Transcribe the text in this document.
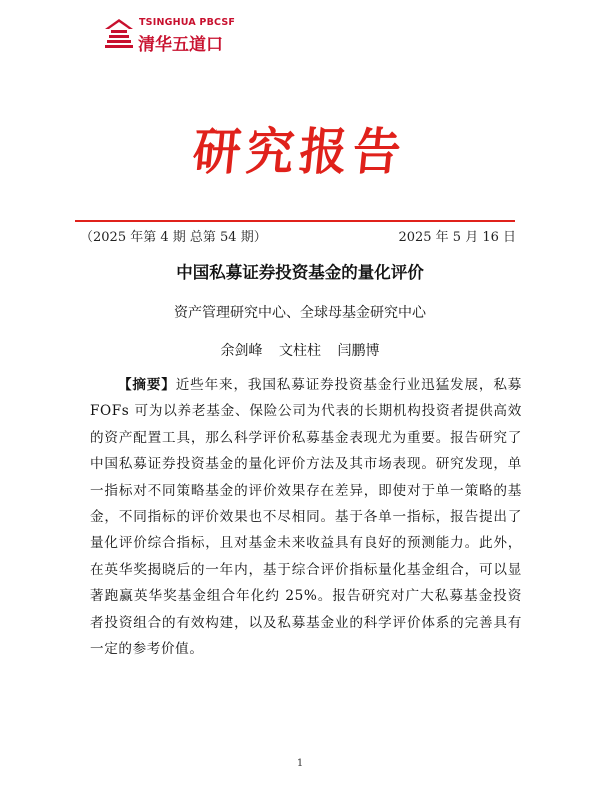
TSINGHUA PBCSF
清华五道口
研究报告
（2025 年第 4 期 总第 54 期）	2025 年 5 月 16 日
中国私募证券投资基金的量化评价
资产管理研究中心、全球母基金研究中心
余剑峰 文柱柱 闫鹏博

【摘要】近些年来，我国私募证券投资基金行业迅猛发展，私募 FOFs 可为以养老基金、保险公司为代表的长期机构投资者提供高效的资产配置工具，那么科学评价私募基金表现尤为重要。报告研究了中国私募证券投资基金的量化评价方法及其市场表现。研究发现，单一指标对不同策略基金的评价效果存在差异，即使对于单一策略的基金，不同指标的评价效果也不尽相同。基于各单一指标，报告提出了量化评价综合指标，且对基金未来收益具有良好的预测能力。此外，在英华奖揭晓后的一年内，基于综合评价指标量化基金组合，可以显著跑赢英华奖基金组合年化约 25%。报告研究对广大私募基金投资者投资组合的有效构建，以及私募基金业的科学评价体系的完善具有一定的参考价值。

1
